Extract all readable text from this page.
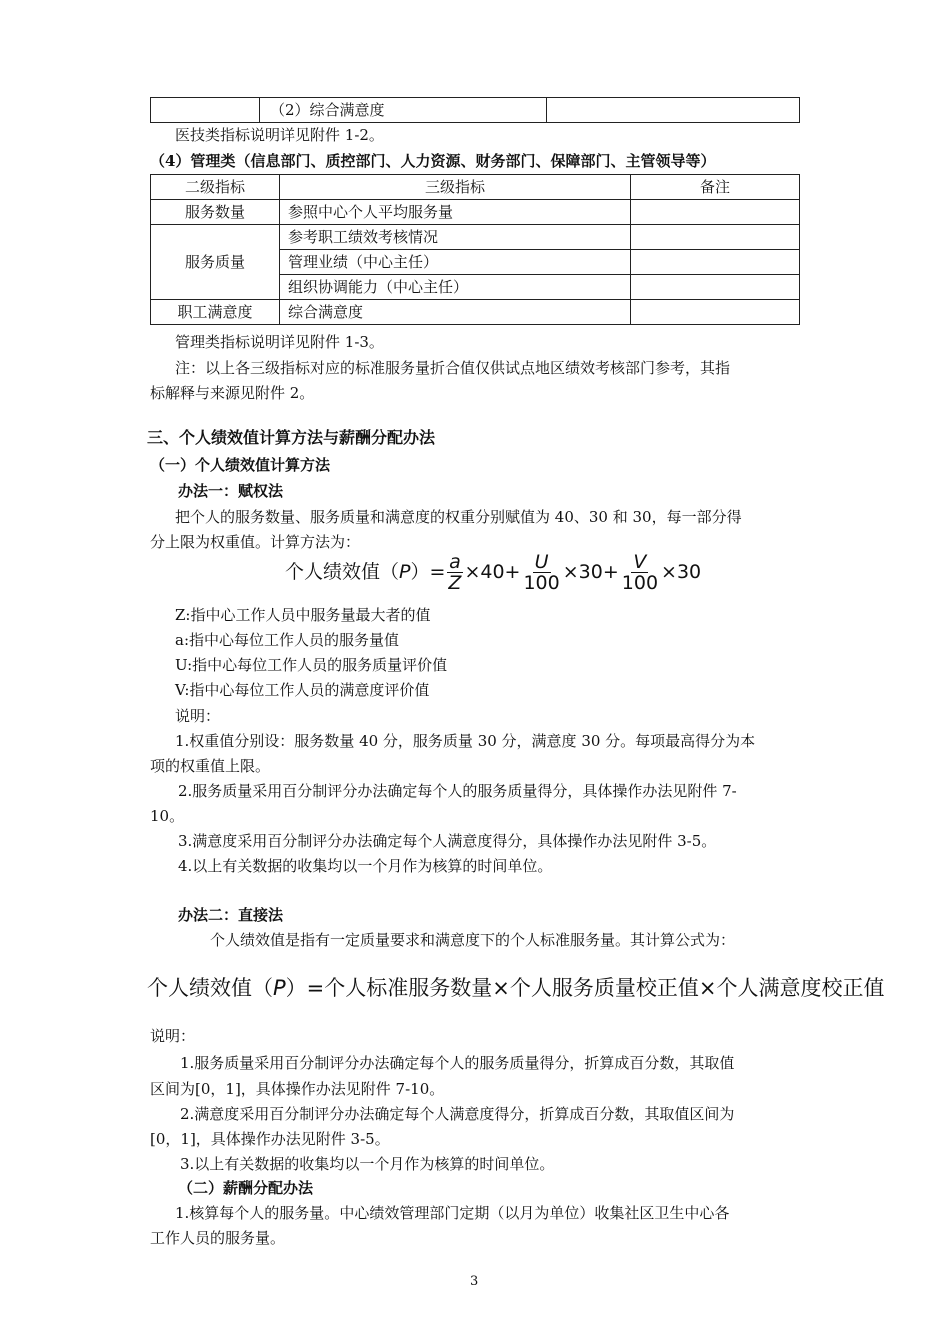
	（2）综合满意度	
医技类指标说明详见附件 1-2。
（4）管理类（信息部门、质控部门、人力资源、财务部门、保障部门、主管领导等）
二级指标	三级指标	备注
服务数量	参照中心个人平均服务量	
服务质量	参考职工绩效考核情况	
	管理业绩（中心主任）	
	组织协调能力（中心主任）	
职工满意度	综合满意度	
管理类指标说明详见附件 1-3。
注：以上各三级指标对应的标准服务量折合值仅供试点地区绩效考核部门参考，其指
标解释与来源见附件 2。
三、个人绩效值计算方法与薪酬分配办法
（一）个人绩效值计算方法
办法一：赋权法
把个人的服务数量、服务质量和满意度的权重分别赋值为 40、30 和 30，每一部分得
分上限为权重值。计算方法为：
个人绩效值$(P)= \frac{a}{Z} \times 40+ \frac{U}{100} \times 30+ \frac{V}{100} \times 30$
Z:指中心工作人员中服务量最大者的值
a:指中心每位工作人员的服务量值
U:指中心每位工作人员的服务质量评价值
V:指中心每位工作人员的满意度评价值
说明：
1.权重值分别设：服务数量 40 分，服务质量 30 分，满意度 30 分。每项最高得分为本
项的权重值上限。
2.服务质量采用百分制评分办法确定每个人的服务质量得分，具体操作办法见附件 7-
10。
3.满意度采用百分制评分办法确定每个人满意度得分，具体操作办法见附件 3-5。
4.以上有关数据的收集均以一个月作为核算的时间单位。
办法二：直接法
个人绩效值是指有一定质量要求和满意度下的个人标准服务量。其计算公式为：
个人绩效值（P）=个人标准服务数量×个人服务质量校正值×个人满意度校正值
说明：
1.服务质量采用百分制评分办法确定每个人的服务质量得分，折算成百分数，其取值
区间为[0，1]，具体操作办法见附件 7-10。
2.满意度采用百分制评分办法确定每个人满意度得分，折算成百分数，其取值区间为
[0，1]，具体操作办法见附件 3-5。
3.以上有关数据的收集均以一个月作为核算的时间单位。
（二）薪酬分配办法
1.核算每个人的服务量。中心绩效管理部门定期（以月为单位）收集社区卫生中心各
工作人员的服务量。
3
